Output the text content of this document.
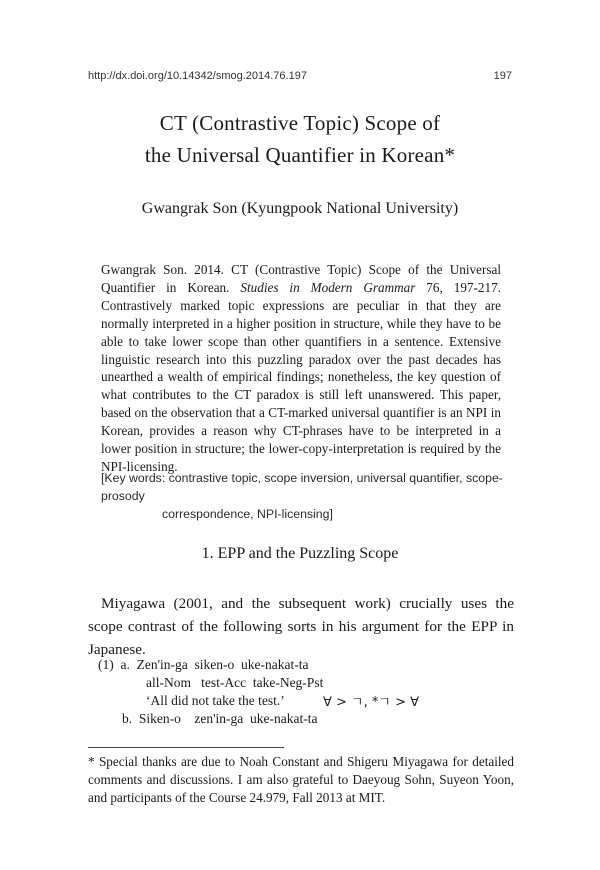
http://dx.doi.org/10.14342/smog.2014.76.197	197
CT (Contrastive Topic) Scope of
the Universal Quantifier in Korean*
Gwangrak Son (Kyungpook National University)

Gwangrak Son. 2014. CT (Contrastive Topic) Scope of the Universal Quantifier in Korean. Studies in Modern Grammar 76, 197-217. Contrastively marked topic expressions are peculiar in that they are normally interpreted in a higher position in structure, while they have to be able to take lower scope than other quantifiers in a sentence. Extensive linguistic research into this puzzling paradox over the past decades has unearthed a wealth of empirical findings; nonetheless, the key question of what contributes to the CT paradox is still left unanswered. This paper, based on the observation that a CT-marked universal quantifier is an NPI in Korean, provides a reason why CT-phrases have to be interpreted in a lower position in structure; the lower-copy-interpretation is required by the NPI-licensing.

[Key words: contrastive topic, scope inversion, universal quantifier, scope-prosody
correspondence, NPI-licensing]
1. EPP and the Puzzling Scope

Miyagawa (2001, and the subsequent work) crucially uses the scope contrast of the following sorts in his argument for the EPP in Japanese.

(1)  a.  Zen'in-ga  siken-o  uke-nakat-ta
all-Nom   test-Acc  take-Neg-Pst
‘All did not take the test.’	∀ > ㄱ, *ㄱ > ∀
b.  Siken-o    zen'in-ga  uke-nakat-ta

* Special thanks are due to Noah Constant and Shigeru Miyagawa for detailed comments and discussions. I am also grateful to Daeyoug Sohn, Suyeon Yoon, and participants of the Course 24.979, Fall 2013 at MIT.
